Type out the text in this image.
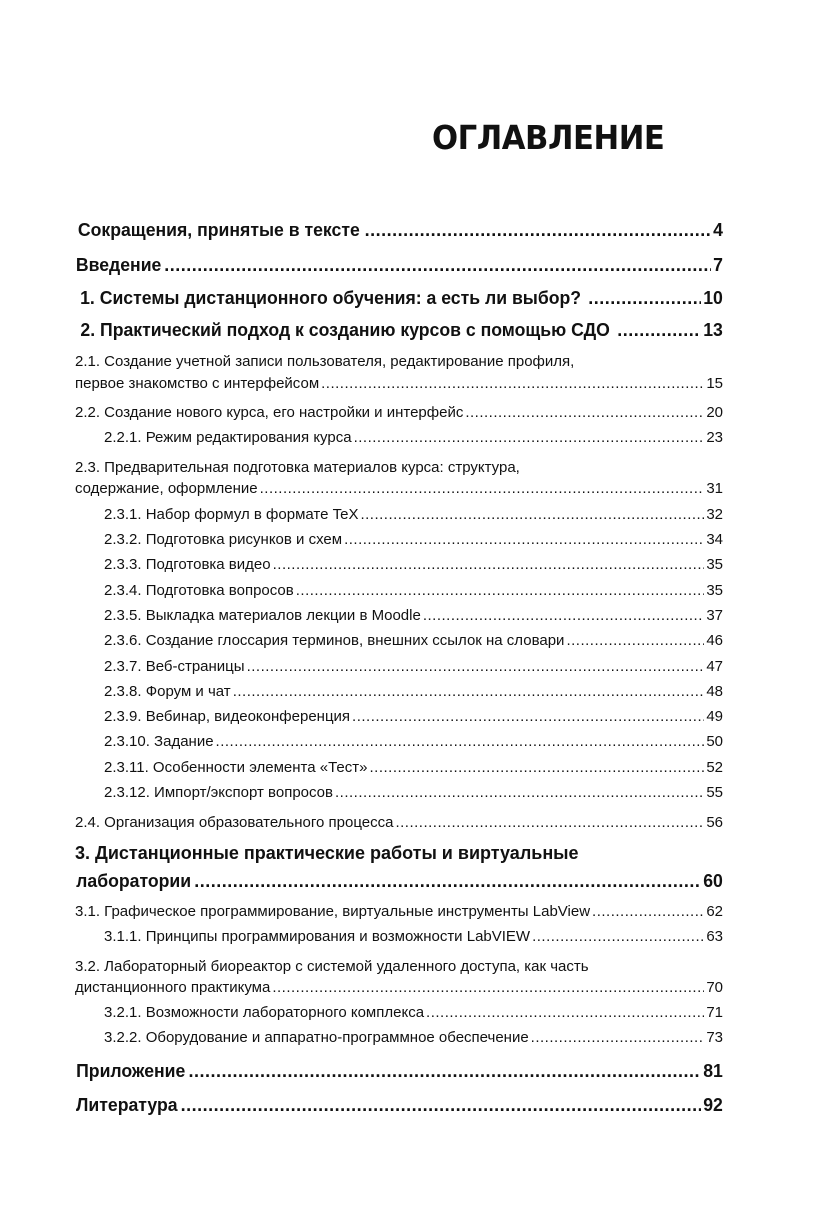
ОГЛАВЛЕНИЕ
Сокращения, принятые в тексте .....	4
Введение .....	7
1. Системы дистанционного обучения: а есть ли выбор? .....	10
2. Практический подход к созданию курсов с помощью СДО .....	13
2.1. Создание учетной записи пользователя, редактирование профиля,
первое знакомство с интерфейсом .....	15
2.2. Создание нового курса, его настройки и интерфейс .....	20
2.2.1. Режим редактирования курса .....	23
2.3. Предварительная подготовка материалов курса: структура,
содержание, оформление .....	31
2.3.1. Набор формул в формате TeX .....	32
2.3.2. Подготовка рисунков и схем .....	34
2.3.3. Подготовка видео .....	35
2.3.4. Подготовка вопросов .....	35
2.3.5. Выкладка материалов лекции в Moodle .....	37
2.3.6. Создание глоссария терминов, внешних ссылок на словари .....	46
2.3.7. Веб-страницы .....	47
2.3.8. Форум и чат .....	48
2.3.9. Вебинар, видеоконференция .....	49
2.3.10. Задание .....	50
2.3.11. Особенности элемента «Тест» .....	52
2.3.12. Импорт/экспорт вопросов .....	55
2.4. Организация образовательного процесса .....	56
3. Дистанционные практические работы и виртуальные
лаборатории .....	60
3.1. Графическое программирование, виртуальные инструменты LabView .....	62
3.1.1. Принципы программирования и возможности LabVIEW .....	63
3.2. Лабораторный биореактор с системой удаленного доступа, как часть
дистанционного практикума .....	70
3.2.1. Возможности лабораторного комплекса .....	71
3.2.2. Оборудование и аппаратно-программное обеспечение .....	73
Приложение .....	81
Литература .....	92
